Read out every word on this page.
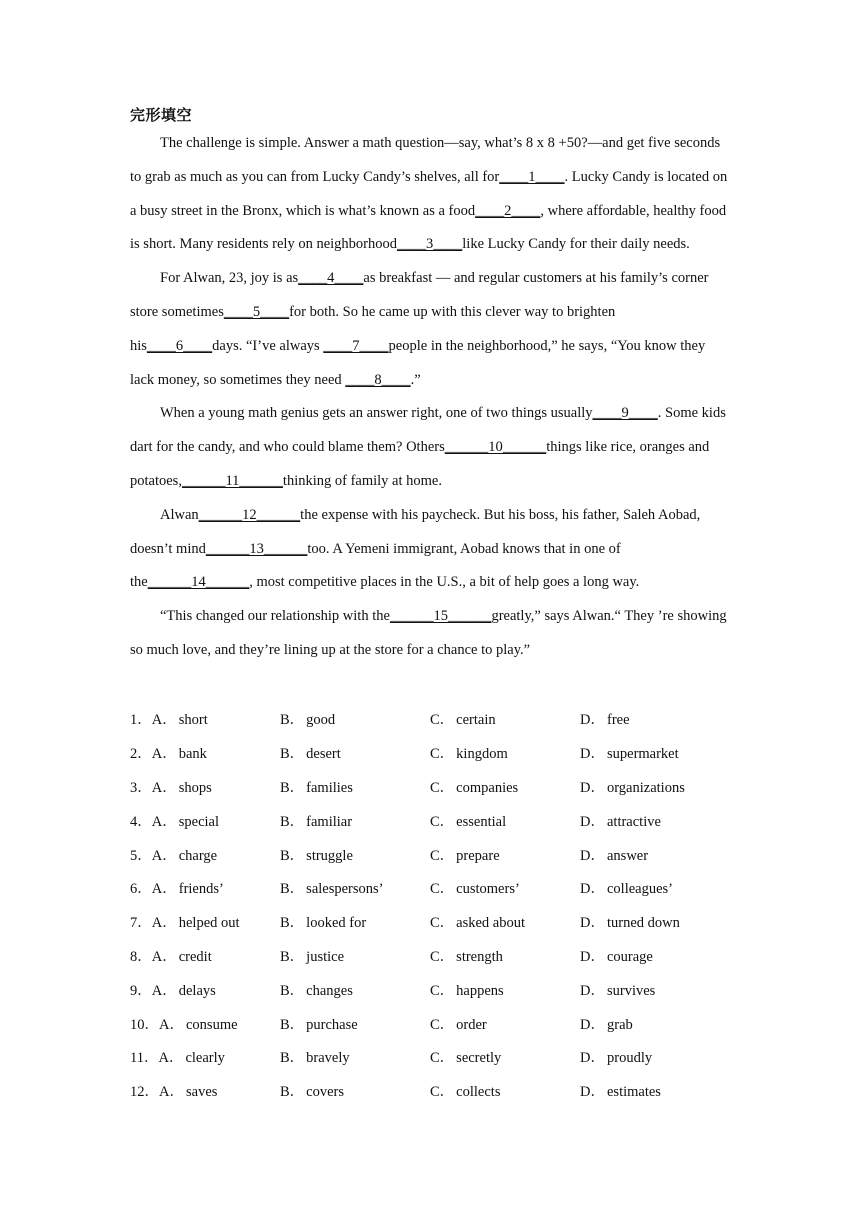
完形填空

The challenge is simple. Answer a math question—say, what’s 8 x 8 +50?—and get five seconds to grab as much as you can from Lucky Candy’s shelves, all for____1____. Lucky Candy is located on a busy street in the Bronx, which is what’s known as a food____2____, where affordable, healthy food is short. Many residents rely on neighborhood____3____like Lucky Candy for their daily needs.

For Alwan, 23, joy is as____4____as breakfast — and regular customers at his family’s corner store sometimes____5____for both. So he came up with this clever way to brighten his____6____days. “I’ve always ____7____people in the neighborhood,” he says, “You know they lack money, so sometimes they need ____8____.”

When a young math genius gets an answer right, one of two things usually____9____. Some kids dart for the candy, and who could blame them? Others______10______things like rice, oranges and potatoes,______11______thinking of family at home.

Alwan______12______the expense with his paycheck. But his boss, his father, Saleh Aobad, doesn’t mind______13______too. A Yemeni immigrant, Aobad knows that in one of the______14______, most competitive places in the U.S., a bit of help goes a long way.

“This changed our relationship with the______15______greatly,” says Alwan.“ They ’re showing so much love, and they’re lining up at the store for a chance to play.”

1．A． short	B． good	C． certain	D． free
2．A． bank	B． desert	C． kingdom	D． supermarket
3．A． shops	B． families	C． companies	D． organizations
4．A． special	B． familiar	C． essential	D． attractive
5．A． charge	B． struggle	C． prepare	D． answer
6．A． friends’	B． salespersons’	C． customers’	D． colleagues’
7．A． helped out	B． looked for	C． asked about	D． turned down
8．A． credit	B． justice	C． strength	D． courage
9．A． delays	B． changes	C． happens	D． survives
10．A． consume	B． purchase	C． order	D． grab
11．A． clearly	B． bravely	C． secretly	D． proudly
12．A． saves	B． covers	C． collects	D． estimates
